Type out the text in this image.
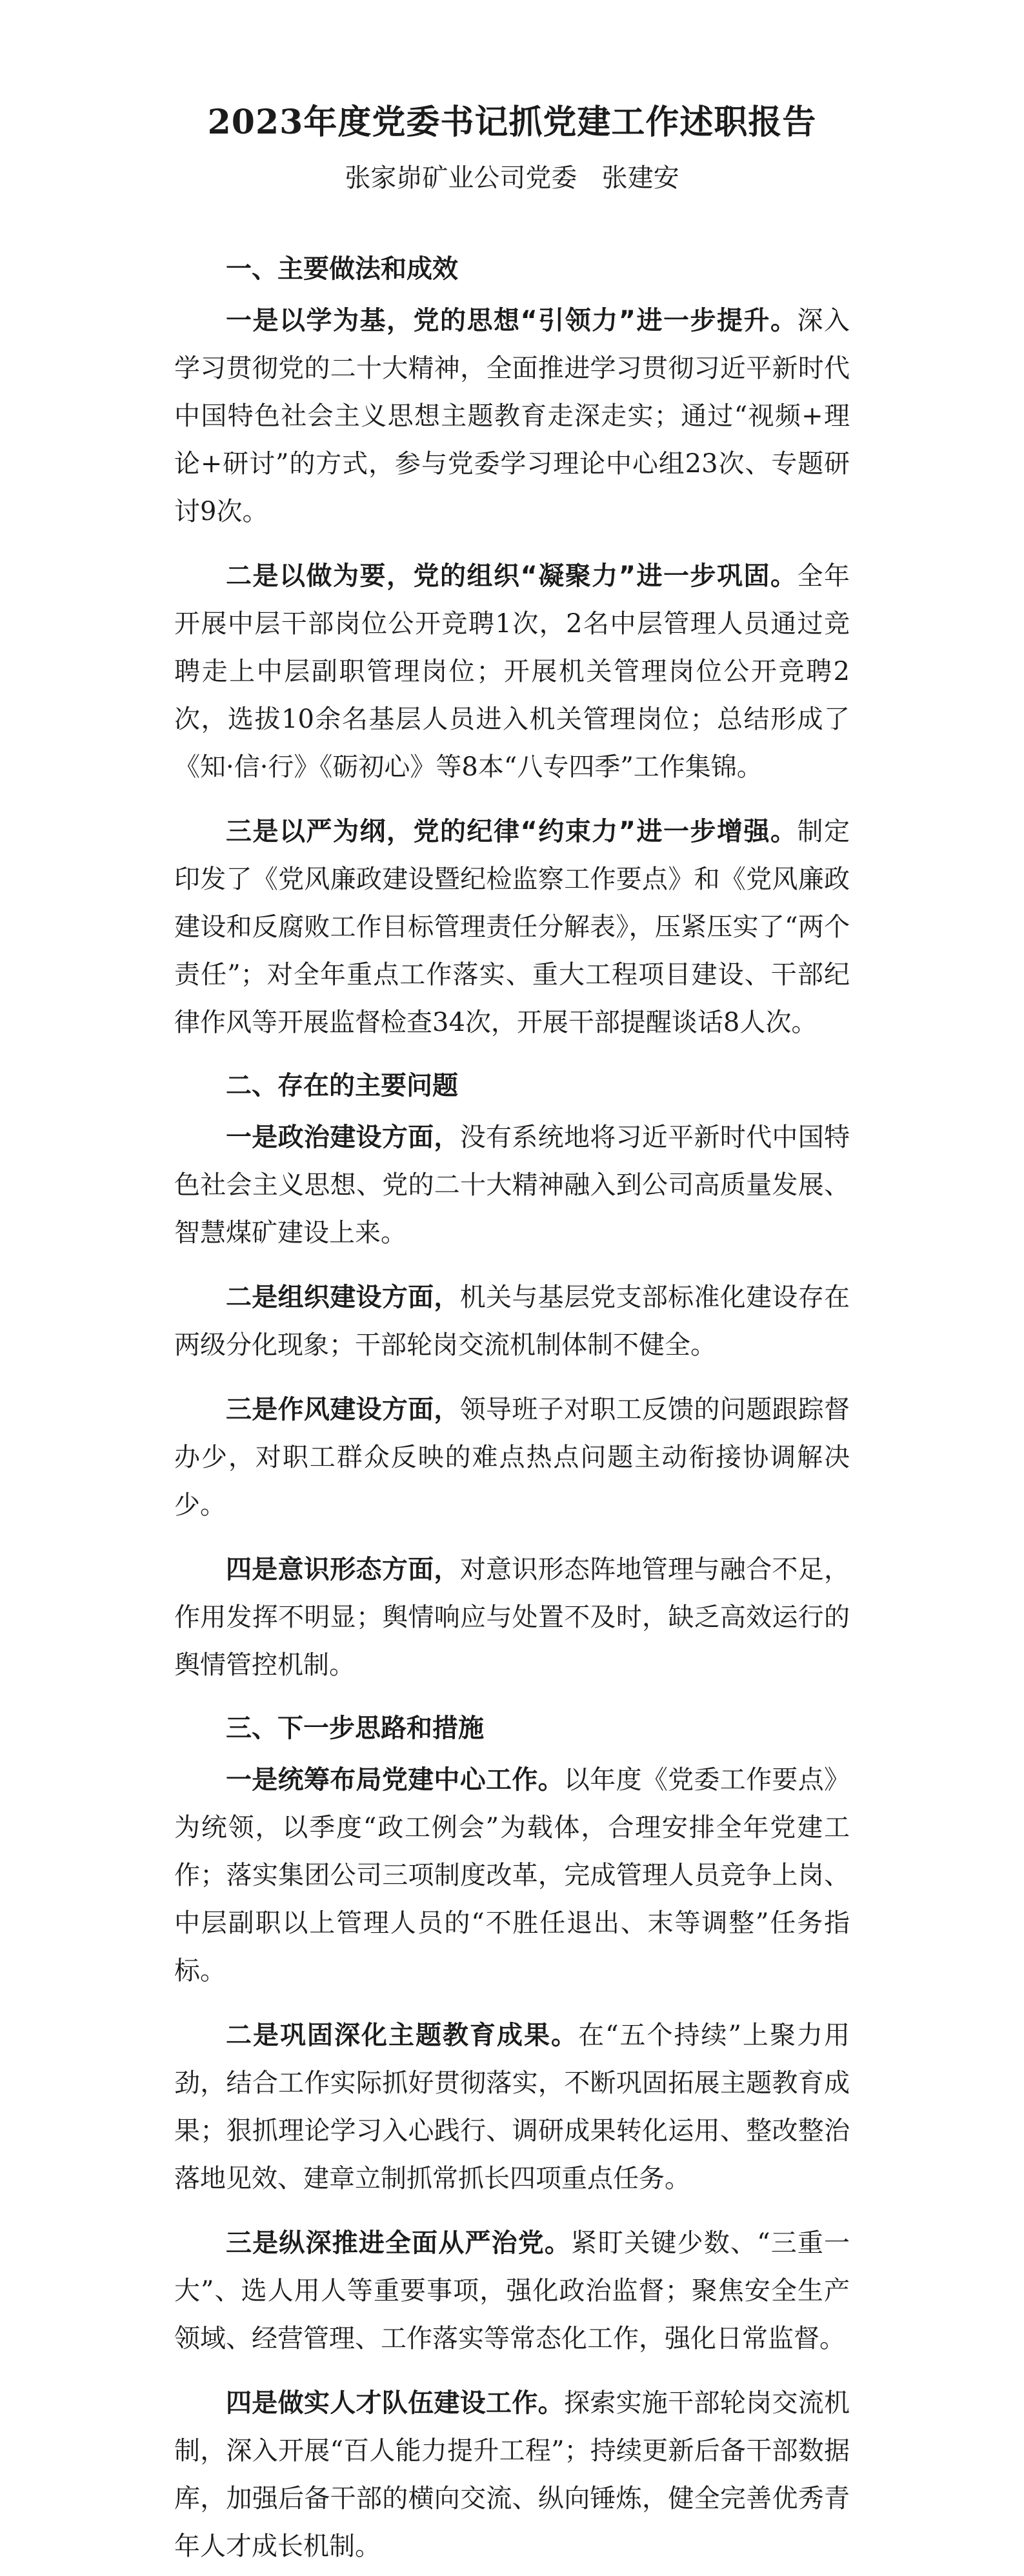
2023年度党委书记抓党建工作述职报告
张家峁矿业公司党委   张建安
一、主要做法和成效

一是以学为基，党的思想“引领力”进一步提升。深入学习贯彻党的二十大精神，全面推进学习贯彻习近平新时代中国特色社会主义思想主题教育走深走实；通过“视频+理论+研讨”的方式，参与党委学习理论中心组23次、专题研讨9次。

二是以做为要，党的组织“凝聚力”进一步巩固。全年开展中层干部岗位公开竞聘1次，2名中层管理人员通过竞聘走上中层副职管理岗位；开展机关管理岗位公开竞聘2次，选拔10余名基层人员进入机关管理岗位；总结形成了《知·信·行》《砺初心》等8本“八专四季”工作集锦。

三是以严为纲，党的纪律“约束力”进一步增强。制定印发了《党风廉政建设暨纪检监察工作要点》和《党风廉政建设和反腐败工作目标管理责任分解表》，压紧压实了“两个责任”；对全年重点工作落实、重大工程项目建设、干部纪律作风等开展监督检查34次，开展干部提醒谈话8人次。

二、存在的主要问题

一是政治建设方面，没有系统地将习近平新时代中国特色社会主义思想、党的二十大精神融入到公司高质量发展、智慧煤矿建设上来。

二是组织建设方面，机关与基层党支部标准化建设存在两级分化现象；干部轮岗交流机制体制不健全。

三是作风建设方面，领导班子对职工反馈的问题跟踪督办少，对职工群众反映的难点热点问题主动衔接协调解决少。

四是意识形态方面，对意识形态阵地管理与融合不足，作用发挥不明显；舆情响应与处置不及时，缺乏高效运行的舆情管控机制。

三、下一步思路和措施

一是统筹布局党建中心工作。以年度《党委工作要点》为统领，以季度“政工例会”为载体，合理安排全年党建工作；落实集团公司三项制度改革，完成管理人员竞争上岗、中层副职以上管理人员的“不胜任退出、末等调整”任务指标。

二是巩固深化主题教育成果。在“五个持续”上聚力用劲，结合工作实际抓好贯彻落实，不断巩固拓展主题教育成果；狠抓理论学习入心践行、调研成果转化运用、整改整治落地见效、建章立制抓常抓长四项重点任务。

三是纵深推进全面从严治党。紧盯关键少数、“三重一大”、选人用人等重要事项，强化政治监督；聚焦安全生产领域、经营管理、工作落实等常态化工作，强化日常监督。

四是做实人才队伍建设工作。探索实施干部轮岗交流机制，深入开展“百人能力提升工程”；持续更新后备干部数据库，加强后备干部的横向交流、纵向锤炼，健全完善优秀青年人才成长机制。
